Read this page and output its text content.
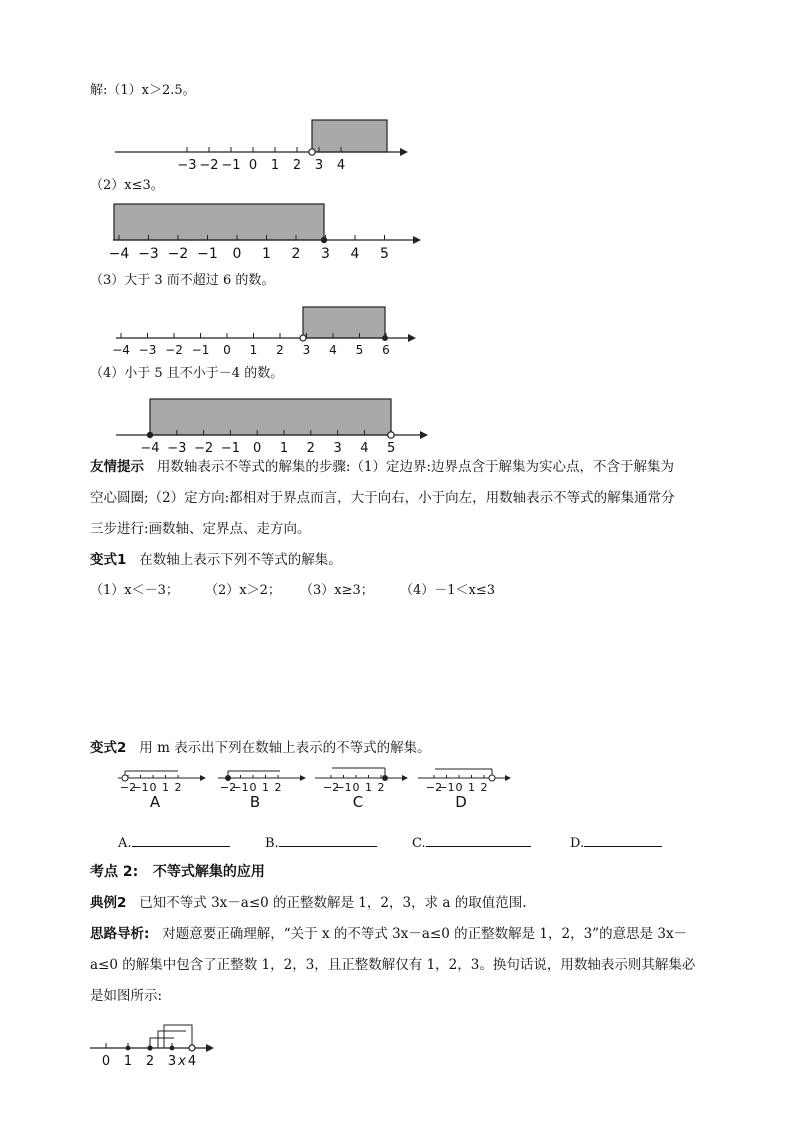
解:（1）x＞2.5。
−3 −2 −1 0 1 2 3 4
（2）x≤3。
−4 −3 −2 −1 0 1 2 3 4 5
（3）大于 3 而不超过 6 的数。
−4 −3 −2 −1 0 1 2 3 4 5 6
（4）小于 5 且不小于－4 的数。
−4 −3 −2 −1 0 1 2 3 4 5
友情提示 用数轴表示不等式的解集的步骤:（1）定边界:边界点含于解集为实心点，不含于解集为
空心圆圈;（2）定方向:都相对于界点而言，大于向右，小于向左，用数轴表示不等式的解集通常分
三步进行:画数轴、定界点、走方向。
变式1 在数轴上表示下列不等式的解集。
（1）x＜－3； （2）x＞2； （3）x≥3； （4）－1＜x≤3
变式2 用 m 表示出下列在数轴上表示的不等式的解集。
−2
−1 0 1 2
A
−2
−1 0 1 2
B
−2
−1 0 1 2
C
−2
−1 0 1 2
D
A.	B.	C.	D.
考点 2: 不等式解集的应用
典例2 已知不等式 3x－a≤0 的正整数解是 1，2，3，求 a 的取值范围.
思路导析: 对题意要正确理解，“关于 x 的不等式 3x－a≤0 的正整数解是 1，2，3”的意思是 3x－
a≤0 的解集中包含了正整数 1，2，3，且正整数解仅有 1，2，3。换句话说，用数轴表示则其解集必
是如图所示:
0 1 2 3 x 4
